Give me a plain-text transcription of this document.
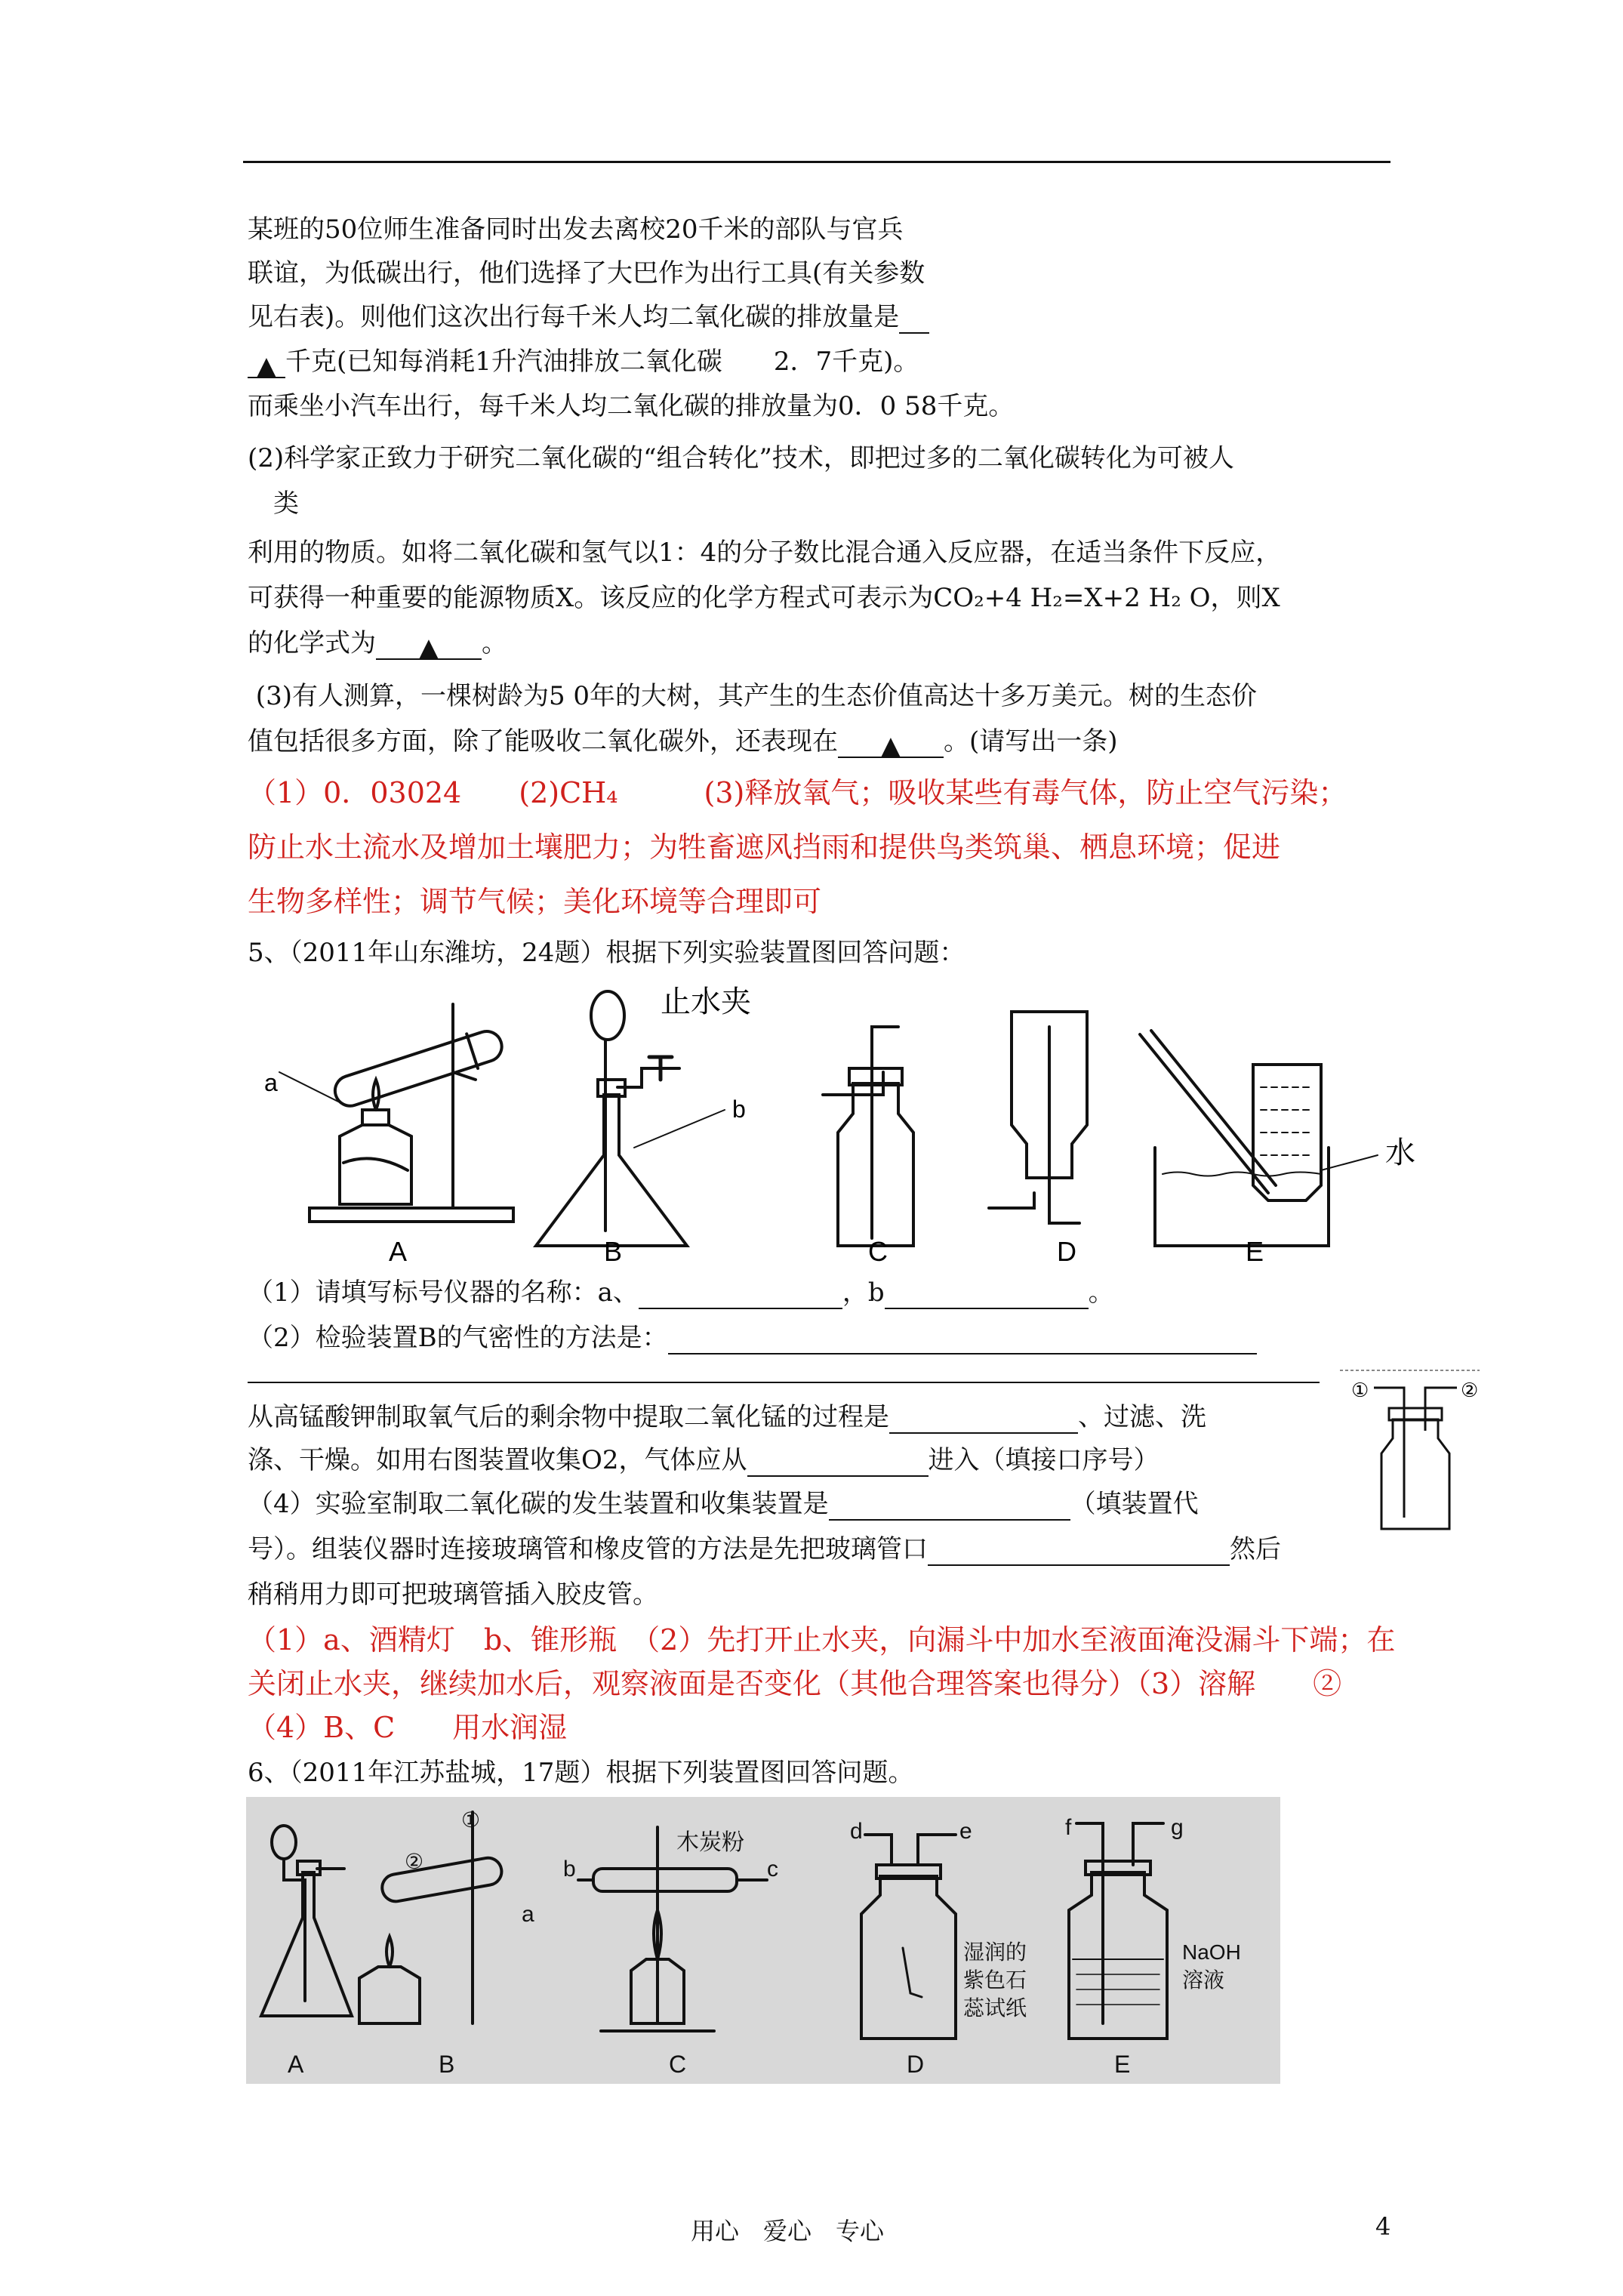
某班的50位师生准备同时出发去离校20千米的部队与官兵
联谊，为低碳出行，他们选择了大巴作为出行工具(有关参数
见右表)。则他们这次出行每千米人均二氧化碳的排放量是
▲ 千克(已知每消耗1升汽油排放二氧化碳　　2．7千克)。
而乘坐小汽车出行，每千米人均二氧化碳的排放量为0．0 58千克。
(2)科学家正致力于研究二氧化碳的“组合转化”技术，即把过多的二氧化碳转化为可被人
类
利用的物质。如将二氧化碳和氢气以1：4的分子数比混合通入反应器，在适当条件下反应，
可获得一种重要的能源物质X。该反应的化学方程式可表示为CO₂+4 H₂=X+2 H₂ O，则X
的化学式为 ▲ 。
(3)有人测算，一棵树龄为5 0年的大树，其产生的生态价值高达十多万美元。树的生态价
值包括很多方面，除了能吸收二氧化碳外，还表现在 ▲ 。(请写出一条)
（1）0．03024　　(2)CH₄　　　(3)释放氧气；吸收某些有毒气体，防止空气污染；
防止水土流水及增加土壤肥力；为牲畜遮风挡雨和提供鸟类筑巢、栖息环境；促进
生物多样性；调节气候；美化环境等合理即可
5、（2011年山东潍坊，24题）根据下列实验装置图回答问题：
a
b
止水夹
水
A	B	C	D	E
（1）请填写标号仪器的名称：a、	，b	。
（2）检验装置B的气密性的方法是：
从高锰酸钾制取氧气后的剩余物中提取二氧化锰的过程是	、过滤、洗
涤、干燥。如用右图装置收集O2，气体应从	进入（填接口序号）
（4）实验室制取二氧化碳的发生装置和收集装置是	（填装置代
号）。组装仪器时连接玻璃管和橡皮管的方法是先把玻璃管口	然后
稍稍用力即可把玻璃管插入胶皮管。
①	②
（1）a、酒精灯　b、锥形瓶　（2）先打开止水夹，向漏斗中加水至液面淹没漏斗下端；在
关闭止水夹，继续加水后，观察液面是否变化（其他合理答案也得分）（3）溶解　　②
（4）B、C　　用水润湿
6、（2011年江苏盐城，17题）根据下列装置图回答问题。
①
②
a
b	c
d	e	f	g
木炭粉
湿润的
紫色石
蕊试纸
NaOH
溶液
A	B	C	D	E
用心　爱心　专心	4
